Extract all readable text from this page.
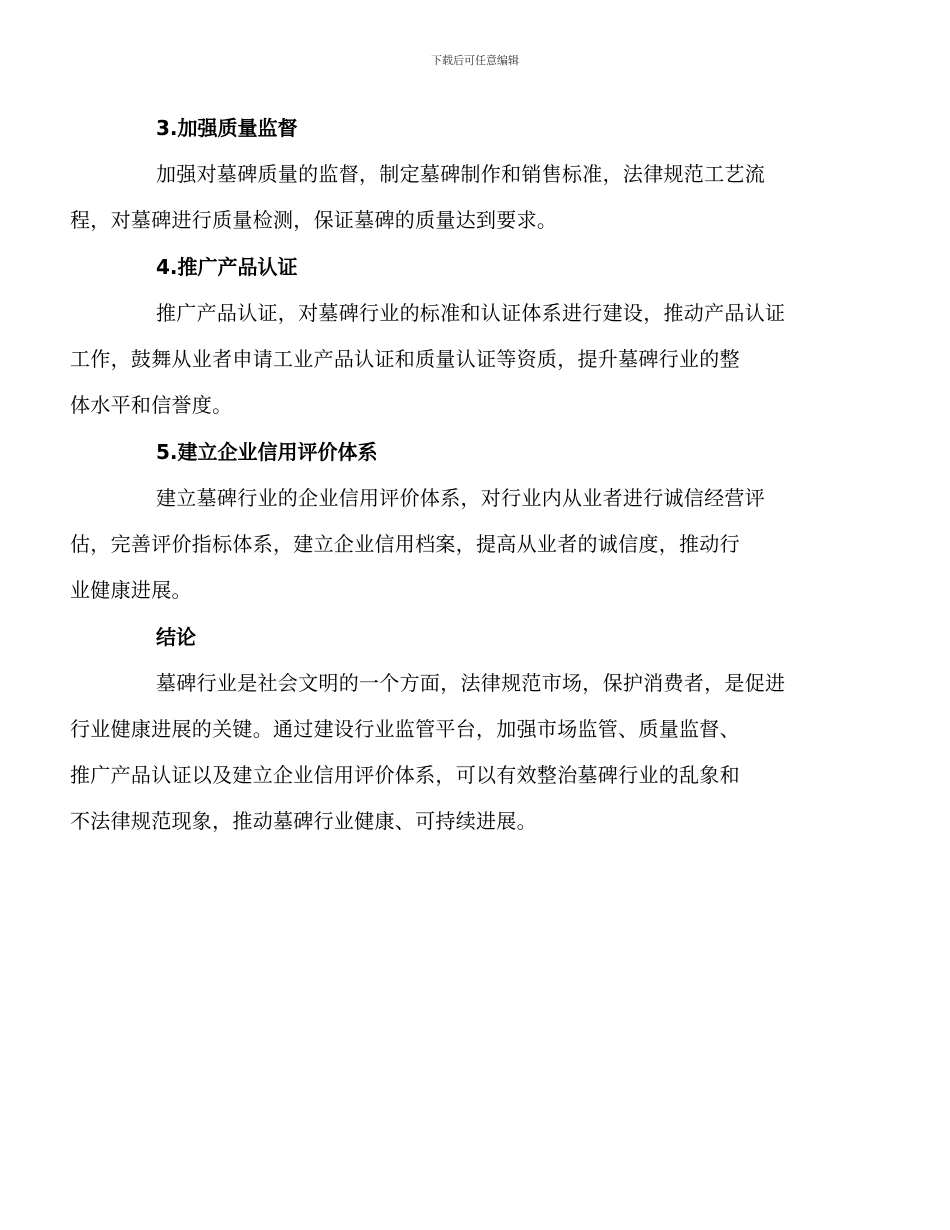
下载后可任意编辑
3.加强质量监督

加强对墓碑质量的监督，制定墓碑制作和销售标准，法律规范工艺流
程，对墓碑进行质量检测，保证墓碑的质量达到要求。

4.推广产品认证

推广产品认证，对墓碑行业的标准和认证体系进行建设，推动产品认证
工作，鼓舞从业者申请工业产品认证和质量认证等资质，提升墓碑行业的整
体水平和信誉度。

5.建立企业信用评价体系

建立墓碑行业的企业信用评价体系，对行业内从业者进行诚信经营评
估，完善评价指标体系，建立企业信用档案，提高从业者的诚信度，推动行
业健康进展。

结论

墓碑行业是社会文明的一个方面，法律规范市场，保护消费者，是促进
行业健康进展的关键。通过建设行业监管平台，加强市场监管、质量监督、
推广产品认证以及建立企业信用评价体系，可以有效整治墓碑行业的乱象和
不法律规范现象，推动墓碑行业健康、可持续进展。
